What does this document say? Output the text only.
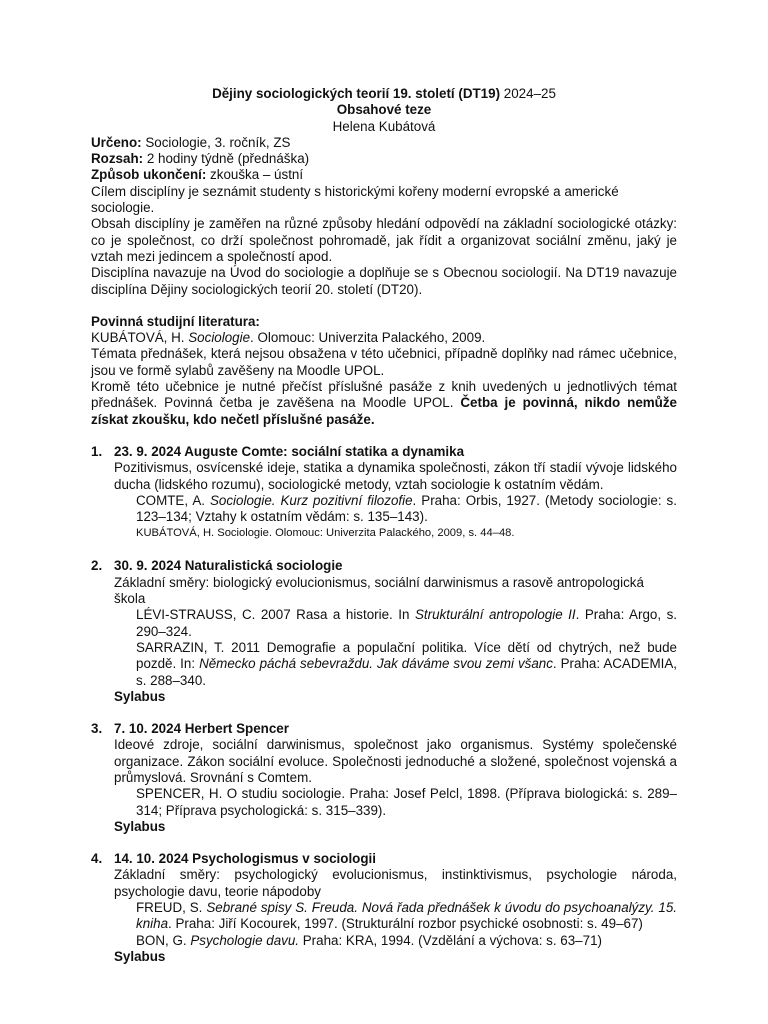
Dějiny sociologických teorií 19. století (DT19) 2024–25

Obsahové teze

Helena Kubátová

Určeno: Sociologie, 3. ročník, ZS

Rozsah: 2 hodiny týdně (přednáška)

Způsob ukončení: zkouška – ústní

Cílem disciplíny je seznámit studenty s historickými kořeny moderní evropské a americké sociologie.

Obsah disciplíny je zaměřen na různé způsoby hledání odpovědí na základní sociologické otázky: co je společnost, co drží společnost pohromadě, jak řídit a organizovat sociální změnu, jaký je vztah mezi jedincem a společností apod.

Disciplína navazuje na Úvod do sociologie a doplňuje se s Obecnou sociologií. Na DT19 navazuje disciplína Dějiny sociologických teorií 20. století (DT20).

Povinná studijní literatura:

KUBÁTOVÁ, H. Sociologie. Olomouc: Univerzita Palackého, 2009.

Témata přednášek, která nejsou obsažena v této učebnici, případně doplňky nad rámec učebnice, jsou ve formě sylabů zavěšeny na Moodle UPOL.

Kromě této učebnice je nutné přečíst příslušné pasáže z knih uvedených u jednotlivých témat přednášek. Povinná četba je zavěšena na Moodle UPOL. Četba je povinná, nikdo nemůže získat zkoušku, kdo nečetl příslušné pasáže.

1. 23. 9. 2024 Auguste Comte: sociální statika a dynamika

Pozitivismus, osvícenské ideje, statika a dynamika společnosti, zákon tří stadií vývoje lidského ducha (lidského rozumu), sociologické metody, vztah sociologie k ostatním vědám.

COMTE, A. Sociologie. Kurz pozitivní filozofie. Praha: Orbis, 1927. (Metody sociologie: s. 123–134; Vztahy k ostatním vědám: s. 135–143).

KUBÁTOVÁ, H. Sociologie. Olomouc: Univerzita Palackého, 2009, s. 44–48.

2. 30. 9. 2024 Naturalistická sociologie

Základní směry: biologický evolucionismus, sociální darwinismus a rasově antropologická škola

LÉVI-STRAUSS, C. 2007 Rasa a historie. In Strukturální antropologie II. Praha: Argo, s. 290–324.

SARRAZIN, T. 2011 Demografie a populační politika. Více dětí od chytrých, než bude pozdě. In: Německo páchá sebevraždu. Jak dáváme svou zemi všanc. Praha: ACADEMIA, s. 288–340.

Sylabus

3. 7. 10. 2024 Herbert Spencer

Ideové zdroje, sociální darwinismus, společnost jako organismus. Systémy společenské organizace. Zákon sociální evoluce. Společnosti jednoduché a složené, společnost vojenská a průmyslová. Srovnání s Comtem.

SPENCER, H. O studiu sociologie. Praha: Josef Pelcl, 1898. (Příprava biologická: s. 289–314; Příprava psychologická: s. 315–339).

Sylabus

4. 14. 10. 2024 Psychologismus v sociologii

Základní směry: psychologický evolucionismus, instinktivismus, psychologie národa, psychologie davu, teorie nápodoby

FREUD, S. Sebrané spisy S. Freuda. Nová řada přednášek k úvodu do psychoanalýzy. 15. kniha. Praha: Jiří Kocourek, 1997. (Strukturální rozbor psychické osobnosti: s. 49–67)

BON, G. Psychologie davu. Praha: KRA, 1994. (Vzdělání a výchova: s. 63–71)

Sylabus
